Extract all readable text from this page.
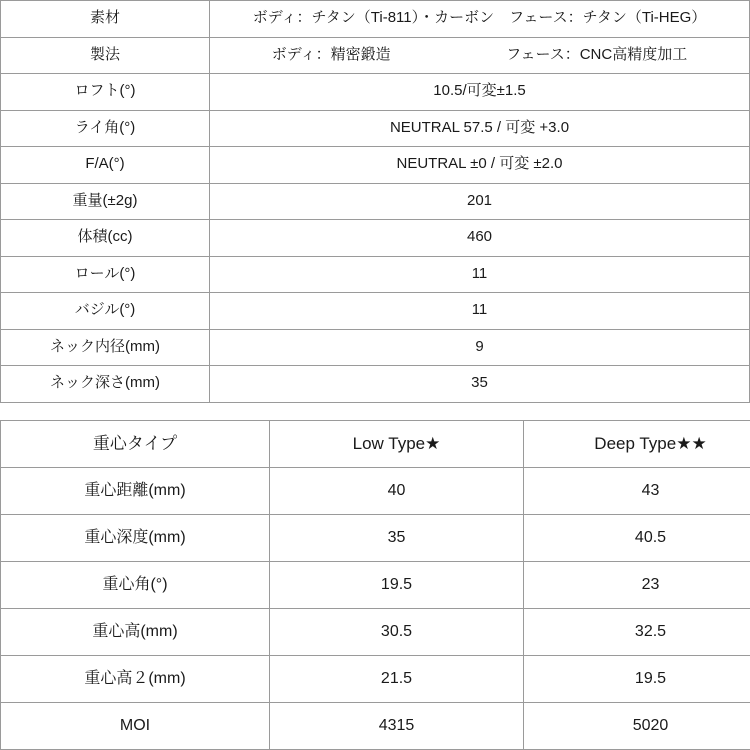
素材	ボディ：チタン（Ti-811）・カーボン　フェース：チタン（Ti-HEG）

製法	ボディ：精密鍛造 フェース：CNC高精度加工

ロフト(°)	10.5/可変±1.5

ライ角(°)	NEUTRAL 57.5 / 可変 +3.0

F/A(°)	NEUTRAL ±0 / 可変 ±2.0

重量(±2g)	201

体積(cc)	460

ロール(°)	11

バジル(°)	11

ネック内径(mm)	9

ネック深さ(mm)	35
重心タイプ	Low Type★	Deep Type★★

重心距離(mm)	40	43

重心深度(mm)	35	40.5

重心角(°)	19.5	23

重心高(mm)	30.5	32.5

重心高２(mm)	21.5	19.5

MOI	4315	5020
